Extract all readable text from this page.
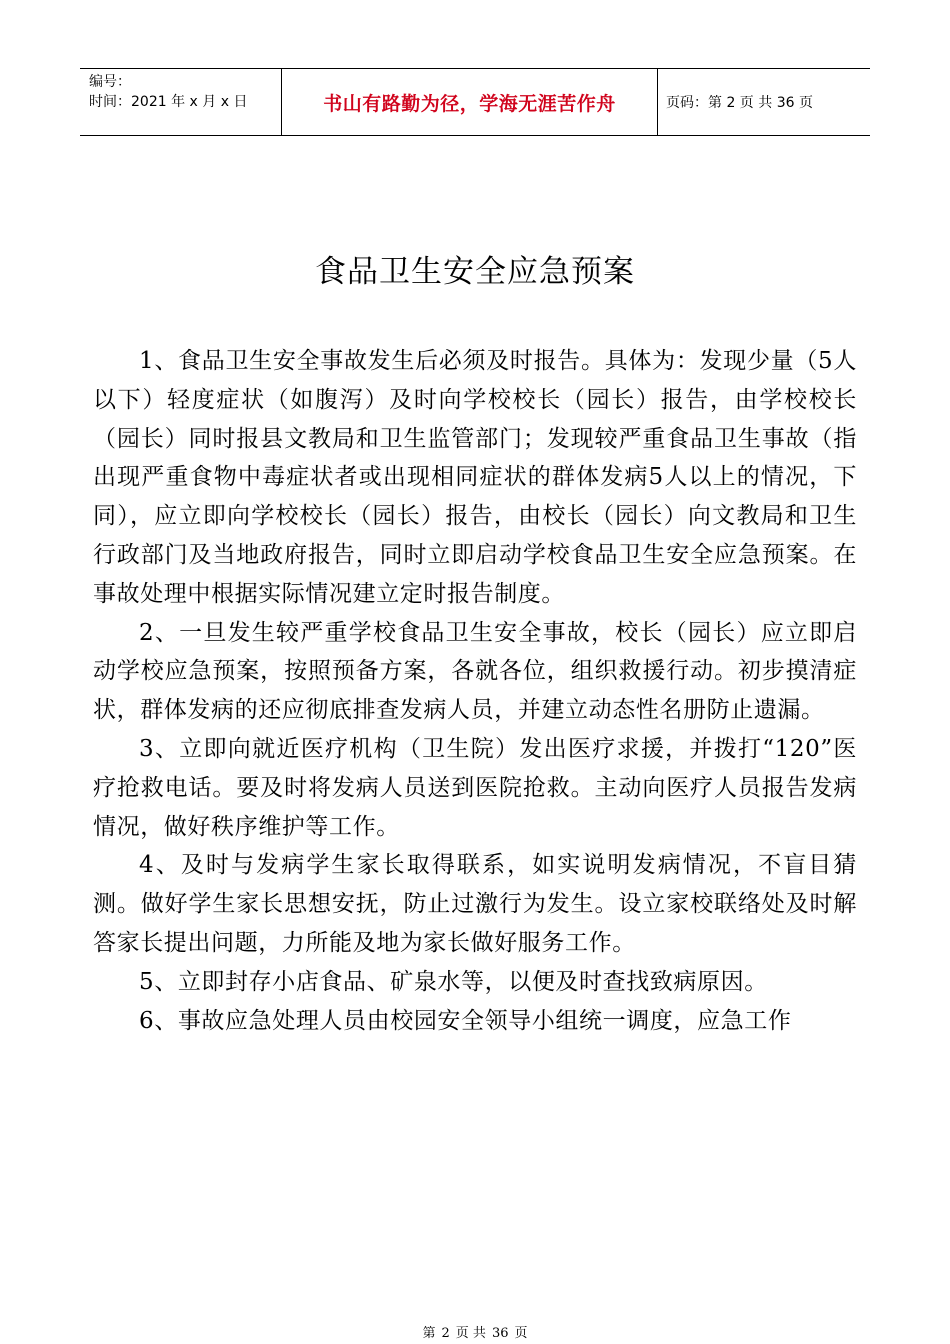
编号：
时间：2021 年 x 月 x 日	书山有路勤为径，学海无涯苦作舟	页码：第 2 页 共 36 页
食品卫生安全应急预案

1、食品卫生安全事故发生后必须及时报告。具体为：发现少量（5人以下）轻度症状（如腹泻）及时向学校校长（园长）报告，由学校校长（园长）同时报县文教局和卫生监管部门；发现较严重食品卫生事故（指出现严重食物中毒症状者或出现相同症状的群体发病5人以上的情况，下同），应立即向学校校长（园长）报告，由校长（园长）向文教局和卫生行政部门及当地政府报告，同时立即启动学校食品卫生安全应急预案。在事故处理中根据实际情况建立定时报告制度。

2、一旦发生较严重学校食品卫生安全事故，校长（园长）应立即启动学校应急预案，按照预备方案，各就各位，组织救援行动。初步摸清症状，群体发病的还应彻底排查发病人员，并建立动态性名册防止遗漏。

3、立即向就近医疗机构（卫生院）发出医疗求援，并拨打“120”医疗抢救电话。要及时将发病人员送到医院抢救。主动向医疗人员报告发病情况，做好秩序维护等工作。

4、及时与发病学生家长取得联系，如实说明发病情况，不盲目猜测。做好学生家长思想安抚，防止过激行为发生。设立家校联络处及时解答家长提出问题，力所能及地为家长做好服务工作。

5、立即封存小店食品、矿泉水等，以便及时查找致病原因。

6、事故应急处理人员由校园安全领导小组统一调度，应急工作

第 2 页 共 36 页
